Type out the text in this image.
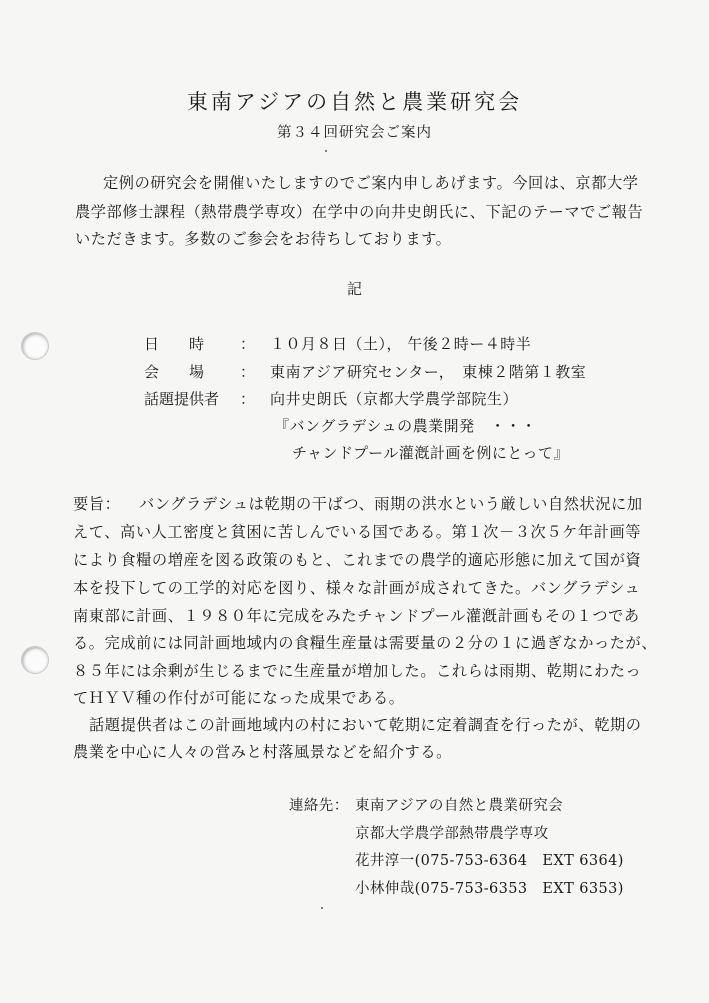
東南アジアの自然と農業研究会
第３４回研究会ご案内
定例の研究会を開催いたしますのでご案内申しあげます。今回は、京都大学
農学部修士課程（熱帯農学専攻）在学中の向井史朗氏に、下記のテーマでご報告
いただきます。多数のご参会をお待ちしております。
記
日　　時 ： １０月８日（土）， 午後２時ー４時半
会　　場 ： 東南アジア研究センター，　東棟２階第１教室
話題提供者 ： 向井史朗氏（京都大学農学部院生）
『バングラデシュの農業開発　・・・
チャンドプール灌漑計画を例にとって』
要旨： バングラデシュは乾期の干ばつ、雨期の洪水という厳しい自然状況に加
えて、高い人工密度と貧困に苦しんでいる国である。第１次－３次５ケ年計画等
により食糧の増産を図る政策のもと、これまでの農学的適応形態に加えて国が資
本を投下しての工学的対応を図り、様々な計画が成されてきた。バングラデシュ
南東部に計画、１９８０年に完成をみたチャンドプール灌漑計画もその１つであ
る。完成前には同計画地域内の食糧生産量は需要量の２分の１に過ぎなかったが、
８５年には余剰が生じるまでに生産量が増加した。これらは雨期、乾期にわたっ
てＨＹＶ種の作付が可能になった成果である。
話題提供者はこの計画地域内の村において乾期に定着調査を行ったが、乾期の
農業を中心に人々の営みと村落風景などを紹介する。
連絡先： 東南アジアの自然と農業研究会
京都大学農学部熱帯農学専攻
花井淳一(075-753-6364　EXT 6364)
小林伸哉(075-753-6353　EXT 6353)
